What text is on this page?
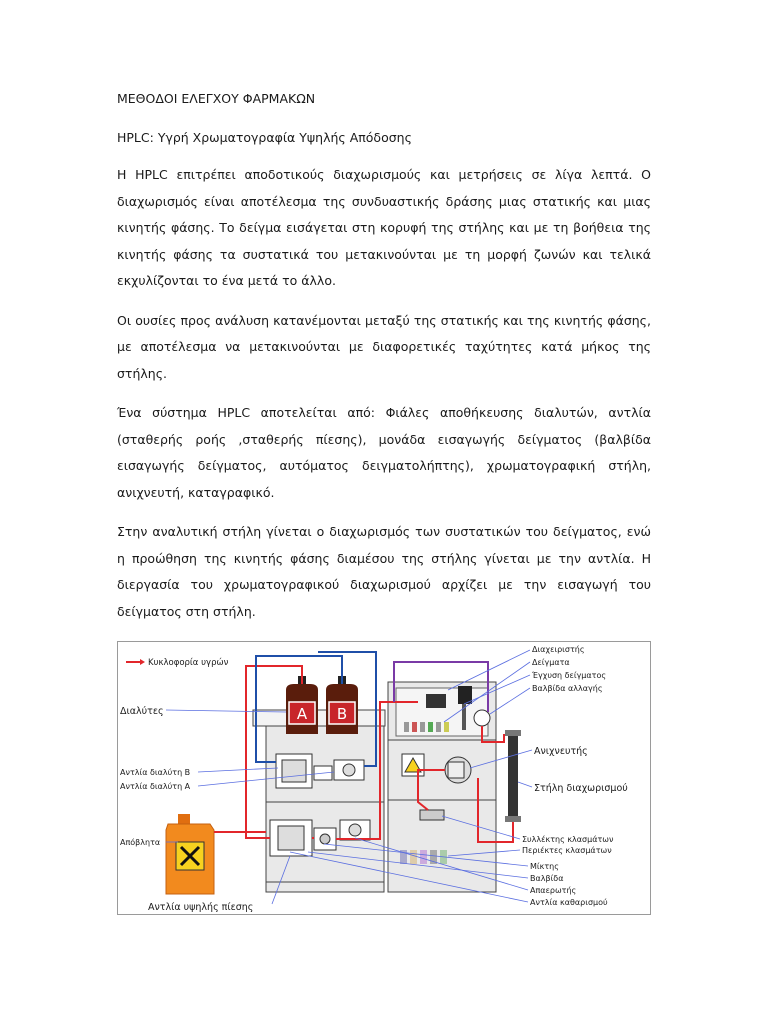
ΜΕΘΟΔΟΙ ΕΛΕΓΧΟΥ ΦΑΡΜΑΚΩΝ

HPLC: Υγρή Χρωματογραφία Υψηλής Απόδοσης

Η HPLC επιτρέπει αποδοτικούς διαχωρισμούς και μετρήσεις σε λίγα λεπτά. Ο διαχωρισμός είναι αποτέλεσμα της συνδυαστικής δράσης μιας στατικής και μιας κινητής φάσης. Το δείγμα εισάγεται στη κορυφή της στήλης και με τη βοήθεια της κινητής φάσης τα συστατικά του μετακινούνται με τη μορφή ζωνών και τελικά εκχυλίζονται το ένα μετά το άλλο.

Οι ουσίες προς ανάλυση κατανέμονται μεταξύ της στατικής και της κινητής φάσης, με αποτέλεσμα να μετακινούνται με διαφορετικές ταχύτητες κατά μήκος της στήλης.

Ένα σύστημα HPLC αποτελείται από: Φιάλες αποθήκευσης διαλυτών, αντλία (σταθερής ροής ,σταθερής πίεσης), μονάδα εισαγωγής δείγματος (βαλβίδα εισαγωγής δείγματος, αυτόματος δειγματολήπτης), χρωματογραφική στήλη, ανιχνευτή, καταγραφικό.

Στην αναλυτική στήλη γίνεται ο διαχωρισμός των συστατικών του δείγματος, ενώ η προώθηση της κινητής φάσης διαμέσου της στήλης γίνεται με την αντλία. Η διεργασία του χρωματογραφικού διαχωρισμού αρχίζει με την εισαγωγή του δείγματος στη στήλη.

Κυκλοφορία υγρών
A B
Διαλύτες
Αντλία διαλύτη Β
Αντλία διαλύτη Α
Απόβλητα
Αντλία υψηλής πίεσης
Διαχειριστής
Δείγματα
Έγχυση δείγματος
Βαλβίδα αλλαγής
Ανιχνευτής
Στήλη διαχωρισμού
Συλλέκτης κλασμάτων
Περιέκτες κλασμάτων
Μίκτης
Βαλβίδα
Απαερωτής
Αντλία καθαρισμού
